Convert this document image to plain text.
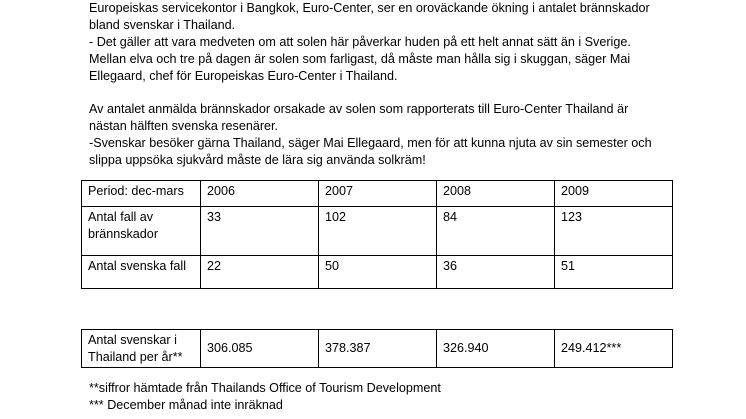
Europeiskas servicekontor i Bangkok, Euro-Center, ser en oroväckande ökning i antalet brännskador
bland svenskar i Thailand.
- Det gäller att vara medveten om att solen här påverkar huden på ett helt annat sätt än i Sverige.
Mellan elva och tre på dagen är solen som farligast, då måste man hålla sig i skuggan, säger Mai
Ellegaard, chef för Europeiskas Euro-Center i Thailand.

Av antalet anmälda brännskador orsakade av solen som rapporterats till Euro-Center Thailand är
nästan hälften svenska resenärer.
-Svenskar besöker gärna Thailand, säger Mai Ellegaard, men för att kunna njuta av sin semester och
slippa uppsöka sjukvård måste de lära sig använda solkräm!

Period: dec-mars	2006	2007	2008	2009
Antal fall av brännskador	33	102	84	123
Antal svenska fall	22	50	36	51
Antal svenskar i Thailand per år**	306.085	378.387	326.940	249.412***

**siffror hämtade från Thailands Office of Tourism Development

*** December månad inte inräknad
